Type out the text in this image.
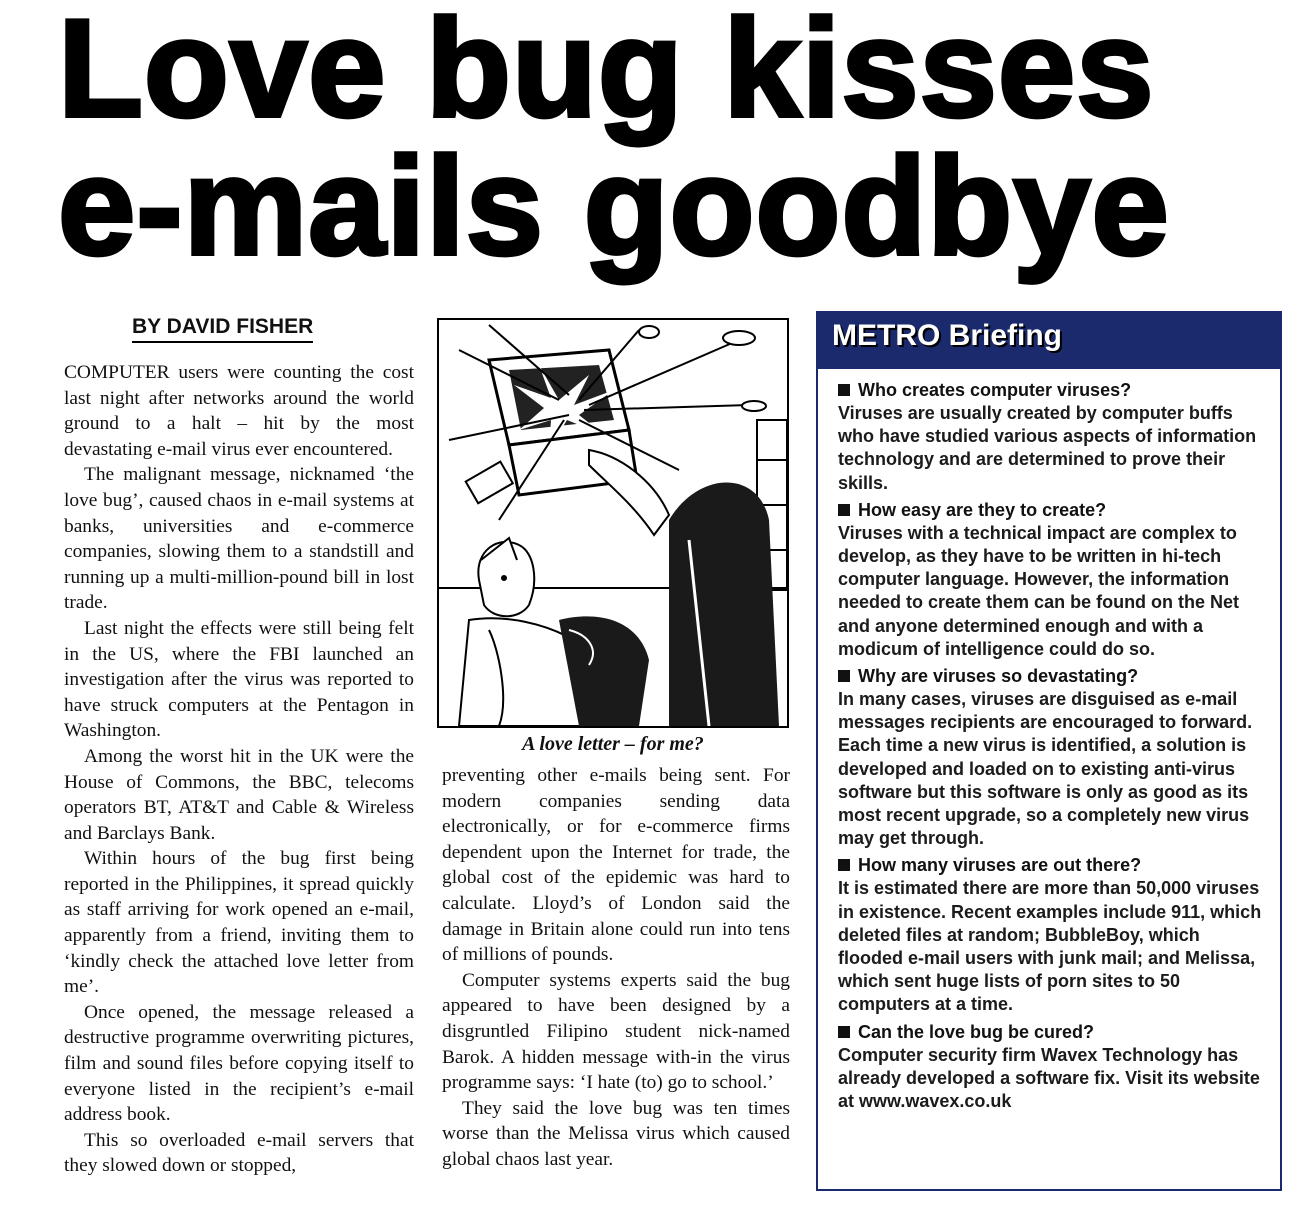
Love bug kisses
e-mails goodbye
BY DAVID FISHER

COMPUTER users were counting the cost last night after networks around the world ground to a halt – hit by the most devastating e-mail virus ever encountered.

The malignant message, nicknamed ‘the love bug’, caused chaos in e-mail systems at banks, universities and e-commerce companies, slowing them to a standstill and running up a multi-million-pound bill in lost trade.

Last night the effects were still being felt in the US, where the FBI launched an investigation after the virus was reported to have struck computers at the Pentagon in Washington.

Among the worst hit in the UK were the House of Commons, the BBC, telecoms operators BT, AT&T and Cable & Wireless and Barclays Bank.

Within hours of the bug first being reported in the Philippines, it spread quickly as staff arriving for work opened an e-mail, apparently from a friend, inviting them to ‘kindly check the attached love letter from me’.

Once opened, the message released a destructive programme overwriting pictures, film and sound files before copying itself to everyone listed in the recipient’s e-mail address book.

This so overloaded e-mail servers that they slowed down or stopped,

A love letter – for me?

preventing other e-mails being sent. For modern companies sending data electronically, or for e-commerce firms dependent upon the Internet for trade, the global cost of the epidemic was hard to calculate. Lloyd’s of London said the damage in Britain alone could run into tens of millions of pounds.

Computer systems experts said the bug appeared to have been designed by a disgruntled Filipino student nick-named Barok. A hidden message with-in the virus programme says: ‘I hate (to) go to school.’

They said the love bug was ten times worse than the Melissa virus which caused global chaos last year.

METRO Briefing
Who creates computer viruses?
Viruses are usually created by computer buffs who have studied various aspects of information technology and are determined to prove their skills.
How easy are they to create?
Viruses with a technical impact are complex to develop, as they have to be written in hi-tech computer language. However, the information needed to create them can be found on the Net and anyone determined enough and with a modicum of intelligence could do so.
Why are viruses so devastating?
In many cases, viruses are disguised as e-mail messages recipients are encouraged to forward. Each time a new virus is identified, a solution is developed and loaded on to existing anti-virus software but this software is only as good as its most recent upgrade, so a completely new virus may get through.
How many viruses are out there?
It is estimated there are more than 50,000 viruses in existence. Recent examples include 911, which deleted files at random; BubbleBoy, which flooded e-mail users with junk mail; and Melissa, which sent huge lists of porn sites to 50 computers at a time.
Can the love bug be cured?
Computer security firm Wavex Technology has already developed a software fix. Visit its website at www.wavex.co.uk
